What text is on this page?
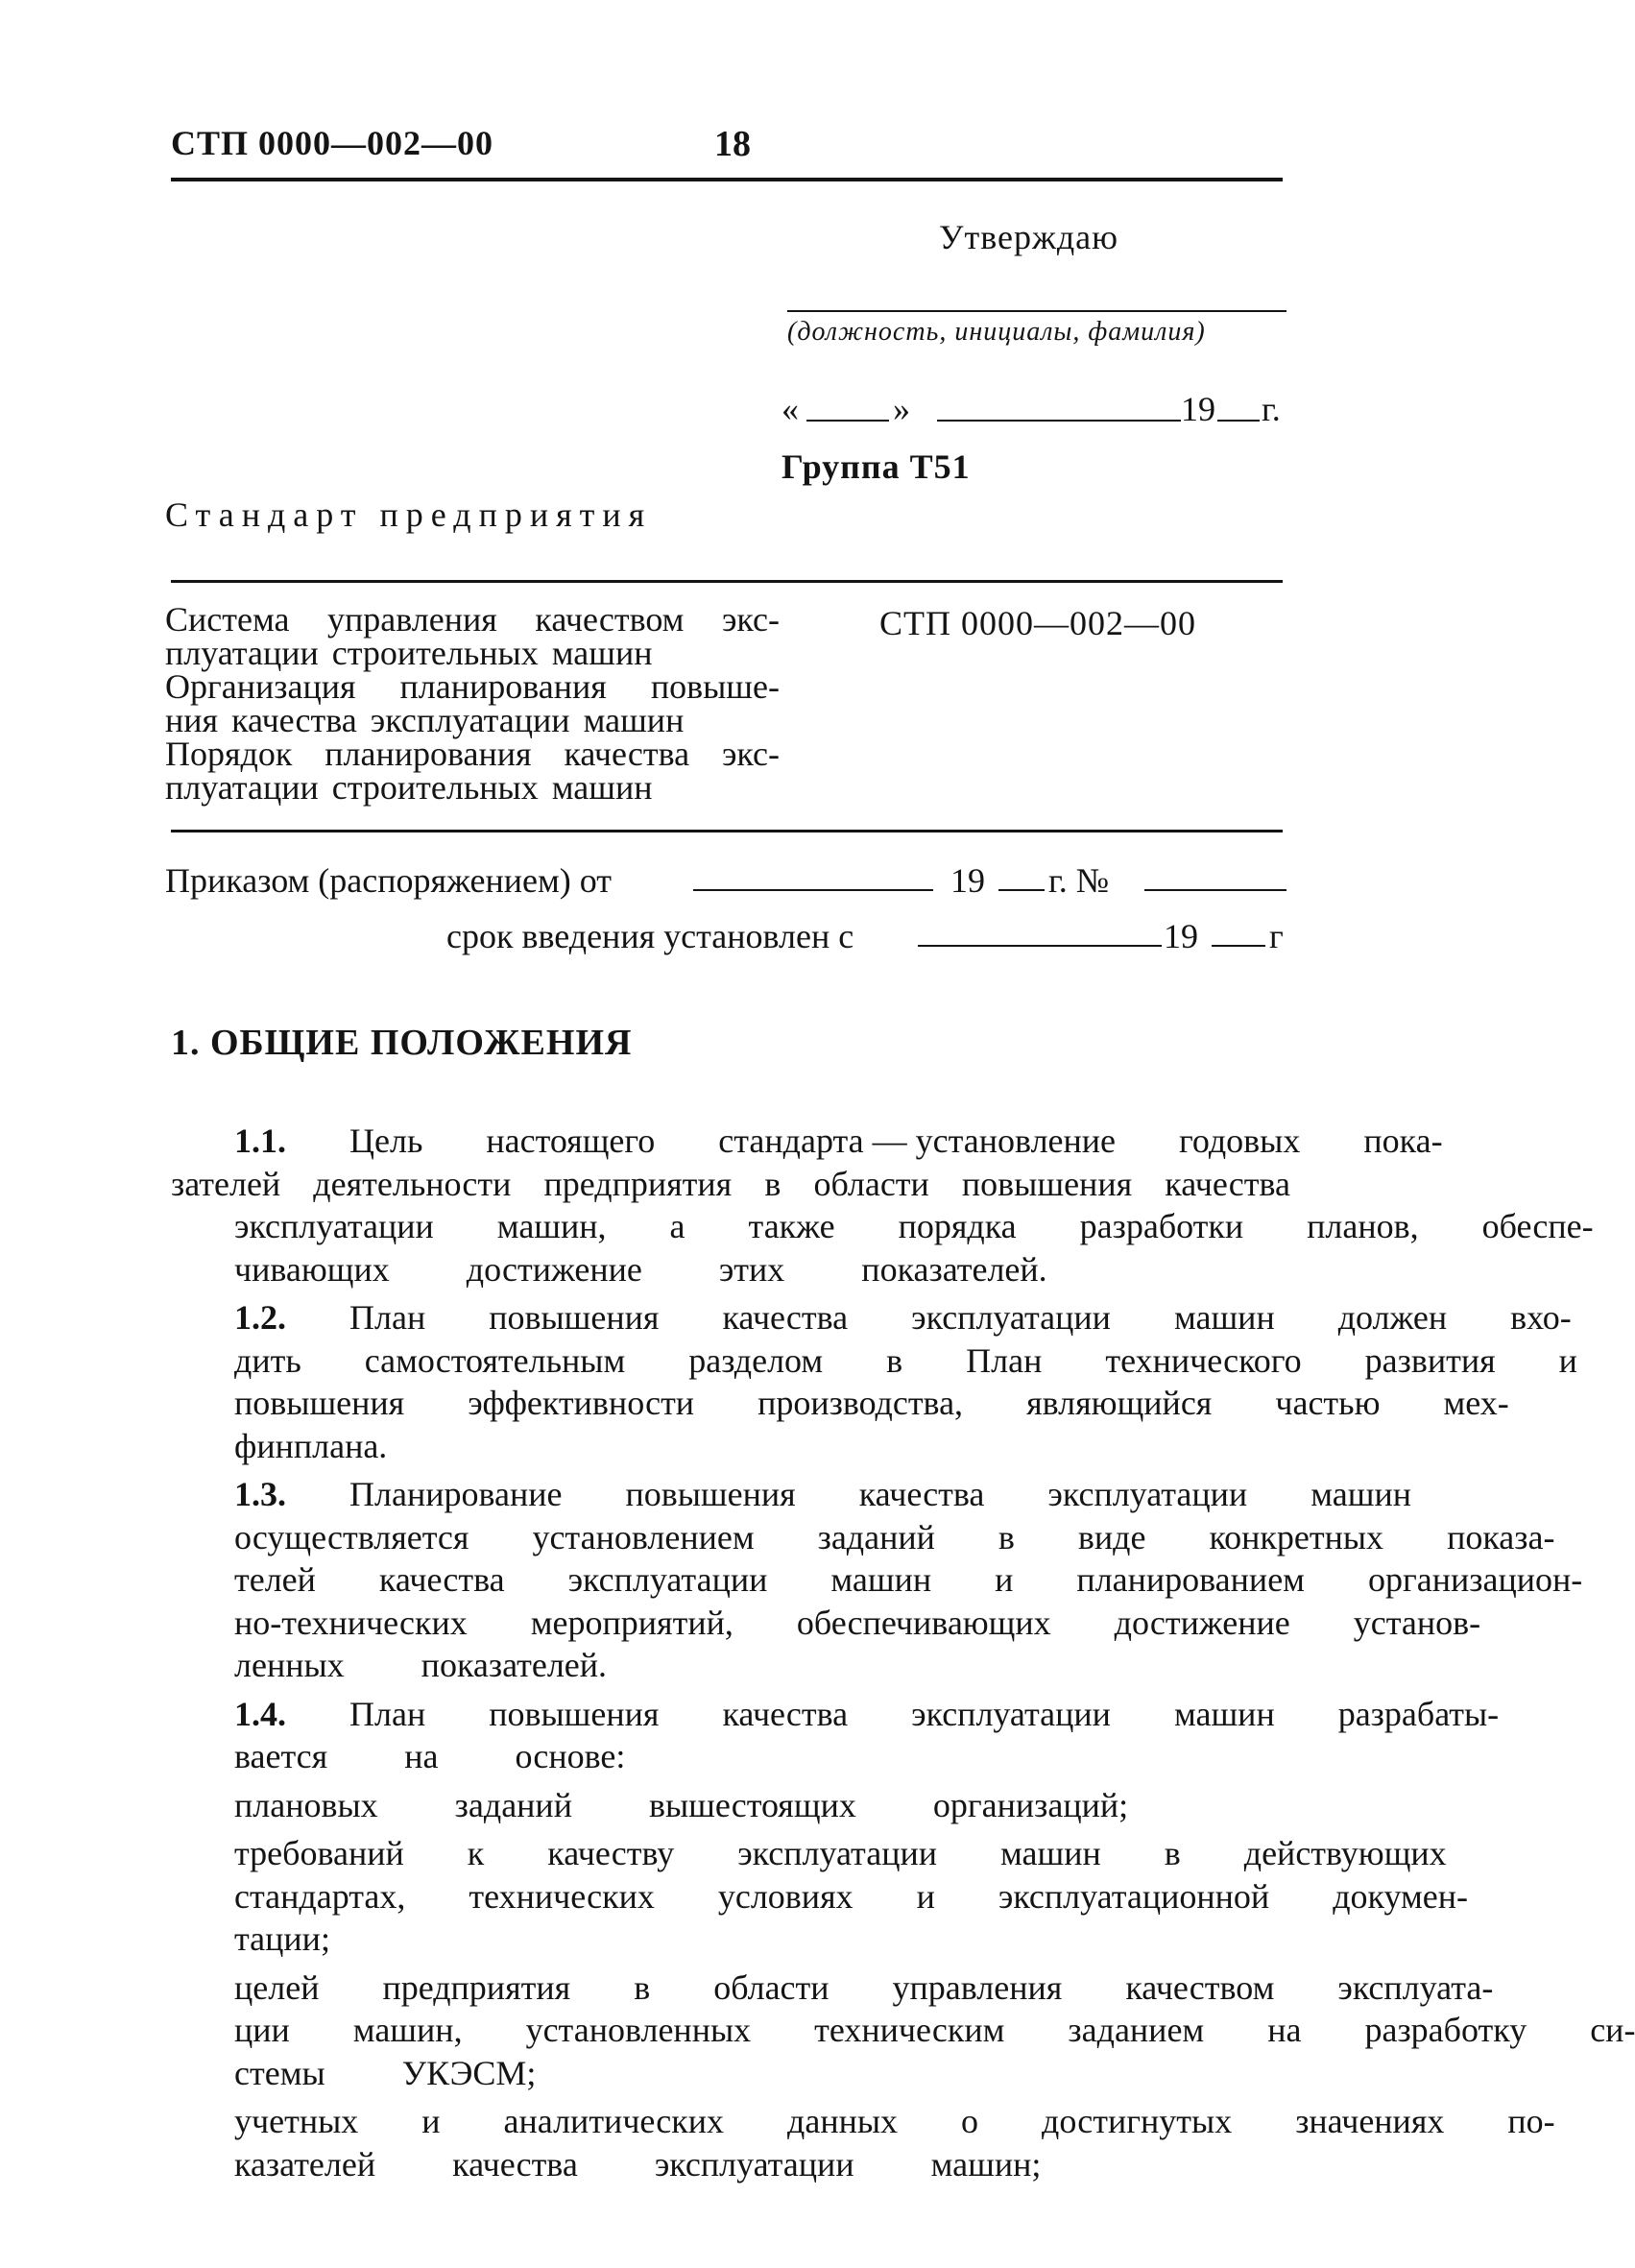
СТП 0000—002—00	18
Утверждаю
(должность, инициалы, фамилия)
«	»	19 г.
Группа Т51
Стандарт предприятия
Система управления качеством экс-
плуатации строительных машин
Организация планирования повыше-
ния качества эксплуатации машин
Порядок планирования качества экс-
плуатации строительных машин
СТП 0000—002—00
Приказом (распоряжением) от	19 г. №
срок введения установлен с	19 г
1. ОБЩИЕ ПОЛОЖЕНИЯ
1.1.	Цель	настоящего	стандарта — установление	годовых	пока-
зателей деятельности предприятия в области повышения качества
эксплуатации	машин,	а	также	порядка	разработки	планов,	обеспе-
чивающих	достижение	этих	показателей.
1.2.	План	повышения	качества	эксплуатации	машин	должен	вхо-
дить	самостоятельным	разделом	в	План	технического	развития	и
повышения	эффективности	производства,	являющийся	частью	мех-
финплана.
1.3.	Планирование	повышения	качества	эксплуатации	машин
осуществляется	установлением	заданий	в	виде	конкретных	показа-
телей	качества	эксплуатации	машин	и	планированием	организацион-
но-технических	мероприятий,	обеспечивающих	достижение	установ-
ленных	показателей.
1.4.	План	повышения	качества	эксплуатации	машин	разрабаты-
вается	на	основе:
плановых	заданий	вышестоящих	организаций;
требований	к	качеству	эксплуатации	машин	в	действующих
стандартах,	технических	условиях	и	эксплуатационной	докумен-
тации;
целей	предприятия	в	области	управления	качеством	эксплуата-
ции	машин,	установленных	техническим	заданием	на	разработку	си-
стемы	УКЭСМ;
учетных	и	аналитических	данных	о	достигнутых	значениях	по-
казателей	качества	эксплуатации	машин;
